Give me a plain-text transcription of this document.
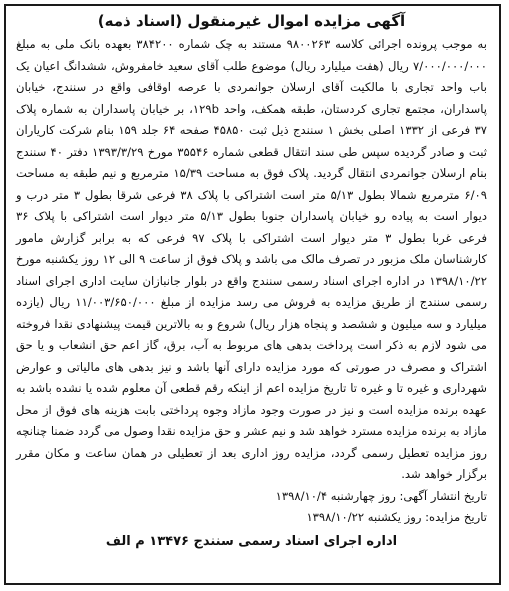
آگهی مزایده اموال غیرمنقول (اسناد ذمه)

به موجب پرونده اجرائی کلاسه ۹۸۰۰۲۶۳ مستند به چک شماره ۳۸۴۲۰۰ بعهده بانک ملی به مبلغ ۷/۰۰۰/۰۰۰/۰۰۰ ریال (هفت میلیارد ریال) موضوع طلب آقای سعید خامفروش، ششدانگ اعیان یک باب واحد تجاری با مالکیت آقای ارسلان جوانمردی با عرصه اوقافی واقع در سنندج، خیابان پاسداران، مجتمع تجاری کردستان، طبقه همکف، واحد ۱۲۹b، بر خیابان پاسداران به شماره پلاک ۳۷ فرعی از ۱۳۳۲ اصلی بخش ۱ سنندج ذیل ثبت ۴۵۸۵۰ صفحه ۶۴ جلد ۱۵۹ بنام شرکت کاریاران ثبت و صادر گردیده سپس طی سند انتقال قطعی شماره ۳۵۵۴۶ مورخ ۱۳۹۳/۳/۲۹ دفتر ۴۰ سنندج بنام ارسلان جوانمردی انتقال گردید. پلاک فوق به مساحت ۱۵/۳۹ مترمربع و نیم طبقه به مساحت ۶/۰۹ مترمربع شمالا بطول ۵/۱۳ متر است اشتراکی با پلاک ۳۸ فرعی شرقا بطول ۳ متر درب و دیوار است به پیاده رو خیابان پاسداران جنوبا بطول ۵/۱۳ متر دیوار است اشتراکی با پلاک ۳۶ فرعی غربا بطول ۳ متر دیوار است اشتراکی با پلاک ۹۷ فرعی که به برابر گزارش مامور کارشناسان ملک مزبور در تصرف مالک می باشد و پلاک فوق از ساعت ۹ الی ۱۲ روز یکشنبه مورخ ۱۳۹۸/۱۰/۲۲ در اداره اجرای اسناد رسمی سنندج واقع در بلوار جانبازان سایت اداری اجرای اسناد رسمی سنندج از طریق مزایده به فروش می رسد مزایده از مبلغ ۱۱/۰۰۳/۶۵۰/۰۰۰ ریال (یازده میلیارد و سه میلیون و ششصد و پنجاه هزار ریال) شروع و به بالاترین قیمت پیشنهادی نقدا فروخته می شود لازم به ذکر است پرداخت بدهی های مربوط به آب، برق، گاز اعم حق انشعاب و یا حق اشتراک و مصرف در صورتی که مورد مزایده دارای آنها باشد و نیز بدهی های مالیاتی و عوارض شهرداری و غیره تا و غیره تا تاریخ مزایده اعم از اینکه رقم قطعی آن معلوم شده یا نشده باشد به عهده برنده مزایده است و نیز در صورت وجود مازاد وجوه پرداختی بابت هزینه های فوق از محل مازاد به برنده مزایده مسترد خواهد شد و نیم عشر و حق مزایده نقدا وصول می گردد ضمنا چنانچه روز مزایده تعطیل رسمی گردد، مزایده روز اداری بعد از تعطیلی در همان ساعت و مکان مقرر برگزار خواهد شد.

تاریخ انتشار آگهی: روز چهارشنبه ۱۳۹۸/۱۰/۴

تاریخ مزایده: روز یکشنبه ۱۳۹۸/۱۰/۲۲

اداره اجرای اسناد رسمی سنندج ۱۳۴۷۶ م الف
